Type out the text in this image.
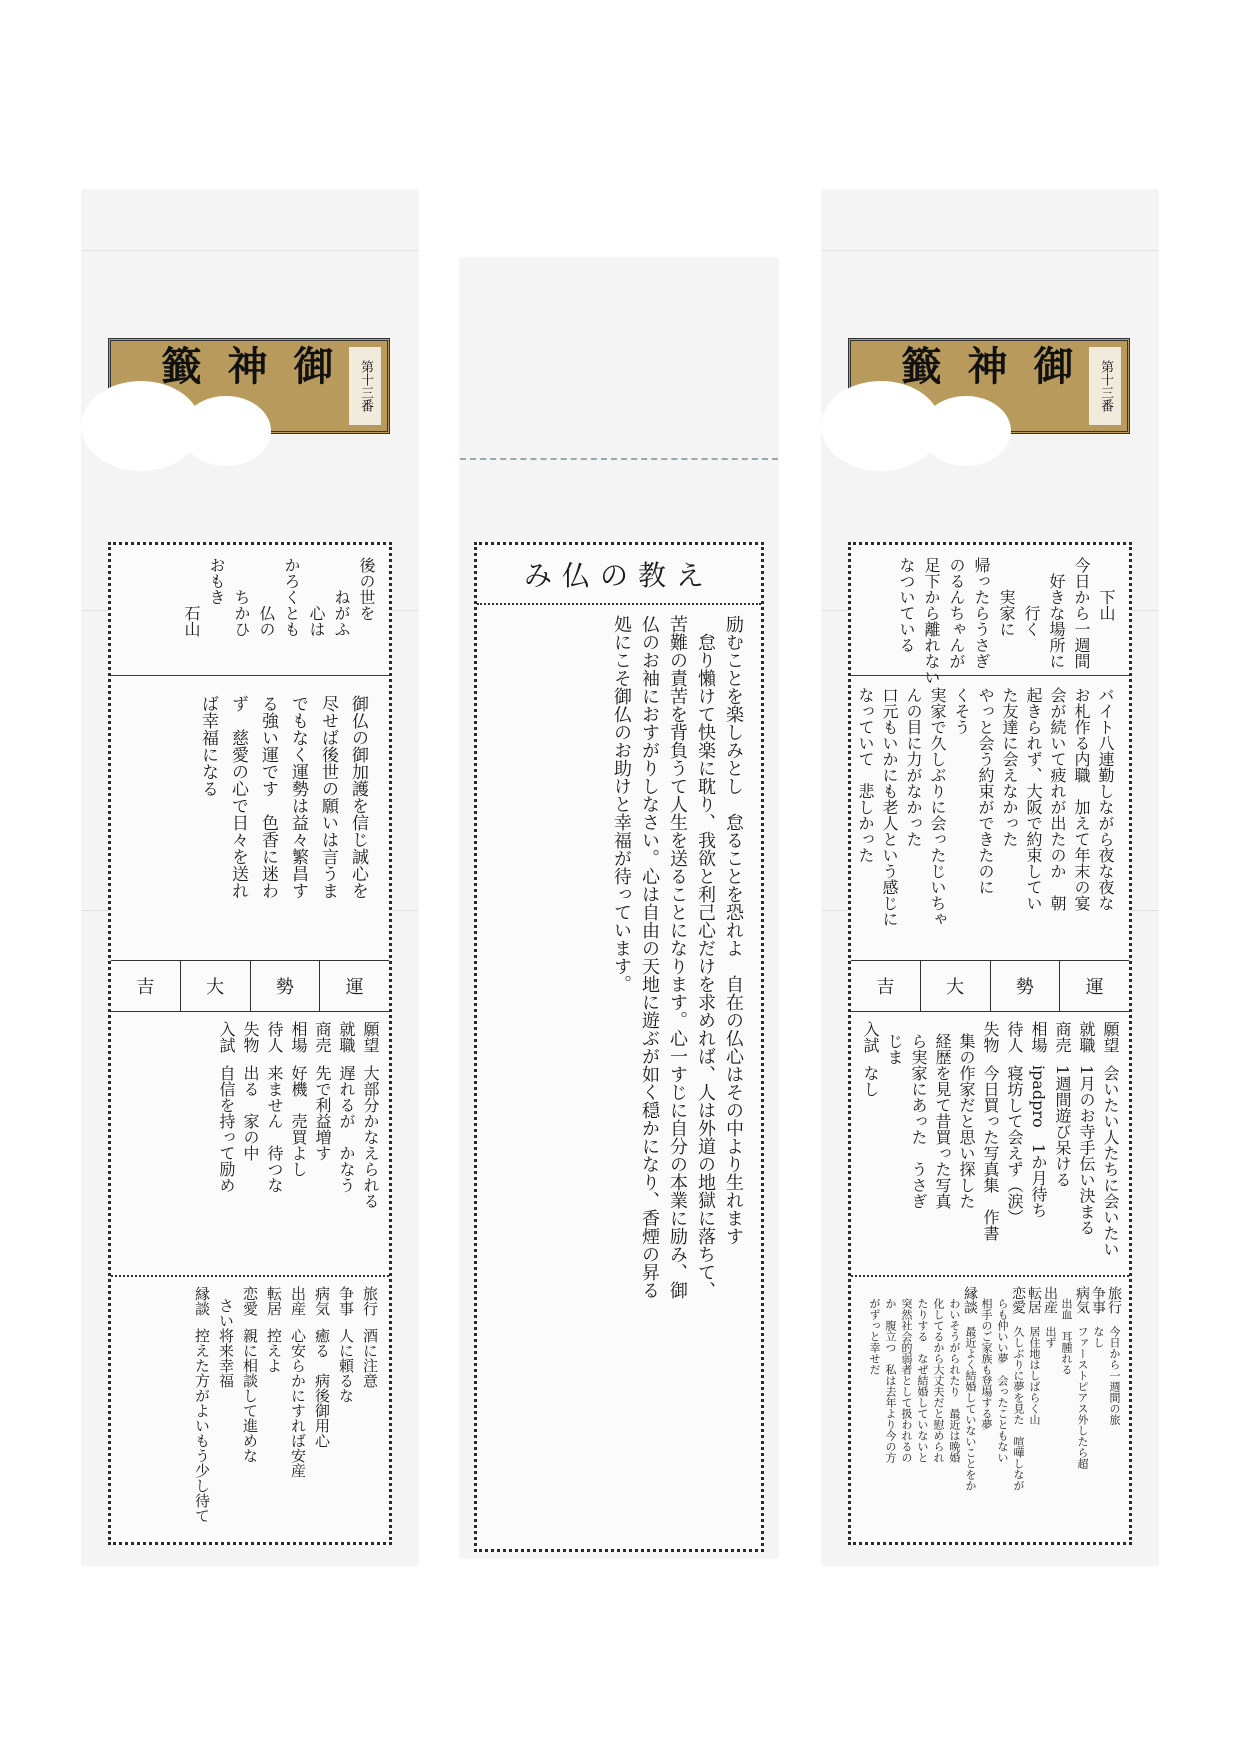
御神籤	第十三番
後の世を
　　ねがふ
　　　心は
かろくとも
　　　仏の
　　ちかひ
おもき
　　　石山
御仏の御加護を信じ誠心を
尽せば後世の願いは言うま
でもなく運勢は益々繁昌す
る強い運です　色香に迷わ
ず　慈愛の心で日々を送れ
ば幸福になる
吉	大	勢	運
願望大部分かなえられる
就職遅れるが　かなう
商売先で利益増す
相場好機　売買よし
待人来ません　待つな
失物出る　家の中
入試自信を持って励め
旅行酒に注意
争事人に頼るな
病気癒る　病後御用心
出産心安らかにすれば安産
転居控えよ
恋愛親に相談して進めな
さい将来幸福
縁談控えた方がよいもう少し待て
み仏の教え
励むことを楽しみとし　怠ることを恐れよ　自在の仏心はその中より生れます
　怠り懶けて快楽に耽り、我欲と利己心だけを求めれば、人は外道の地獄に落ちて、
苦難の責苦を背負うて人生を送ることになります。心一すじに自分の本業に励み、御
仏のお袖におすがりしなさい。心は自由の天地に遊ぶが如く穏かになり、香煙の昇る
処にこそ御仏のお助けと幸福が待っています。
御神籤	第十三番
　　下山
今日から一週間
　好きな場所に
　　　行く
　　実家に
帰ったらうさぎ
のるんちゃんが
足下から離れない
なついている
バイト八連勤しながら夜な夜な
お札作る内職　加えて年末の宴
会が続いて疲れが出たのか　朝
起きられず、大阪で約束してい
た友達に会えなかった
やっと会う約束ができたのに
くそう
実家で久しぶりに会ったじいちゃ
んの目に力がなかった
口元もいかにも老人という感じに
なっていて　悲しかった
吉	大	勢	運
願望会いたい人たちに会いたい
就職1月のお寺手伝い決まる
商売1週間遊び呆ける
相場ipadpro　1か月待ち
待人寝坊して会えず（涙）
失物今日買った写真集　作書
集の作家だと思い探した
経歴を見て昔買った写真
ら実家にあった　うさぎ
じま
入試なし
旅行今日から一週間の旅
争事なし
病気ファーストピアス外したら超
出血　耳腫れる
出産出ず
転居居住地はしばらく山
恋愛久しぶりに夢を見た　喧嘩しなが
らも仲いい夢　会ったこともない
相手のご家族も登場する夢
縁談最近よく結婚していないことをか
わいそうがられたり　最近は晩婚
化してるから大丈夫だと慰められ
たりする　なぜ結婚していないと
突然社会的弱者として扱われるの
か　腹立つ　私は去年より今の方
がずっと幸せだ
